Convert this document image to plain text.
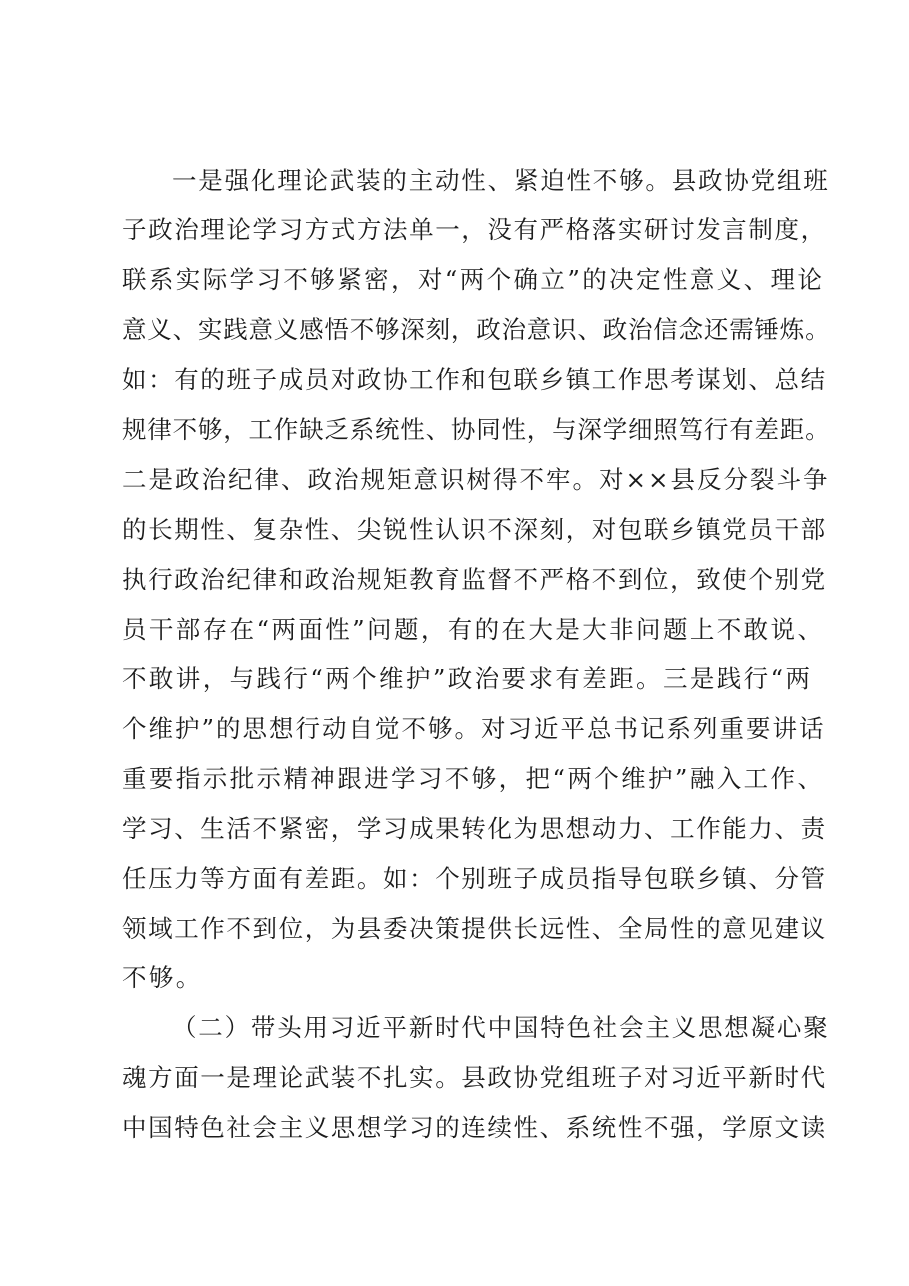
一是强化理论武装的主动性、紧迫性不够。县政协党组班
子政治理论学习方式方法单一，没有严格落实研讨发言制度，
联系实际学习不够紧密，对“两个确立”的决定性意义、理论
意义、实践意义感悟不够深刻，政治意识、政治信念还需锤炼。
如：有的班子成员对政协工作和包联乡镇工作思考谋划、总结
规律不够，工作缺乏系统性、协同性，与深学细照笃行有差距。
二是政治纪律、政治规矩意识树得不牢。对××县反分裂斗争
的长期性、复杂性、尖锐性认识不深刻，对包联乡镇党员干部
执行政治纪律和政治规矩教育监督不严格不到位，致使个别党
员干部存在“两面性”问题，有的在大是大非问题上不敢说、
不敢讲，与践行“两个维护”政治要求有差距。三是践行“两
个维护”的思想行动自觉不够。对习近平总书记系列重要讲话
重要指示批示精神跟进学习不够，把“两个维护”融入工作、
学习、生活不紧密，学习成果转化为思想动力、工作能力、责
任压力等方面有差距。如：个别班子成员指导包联乡镇、分管
领域工作不到位，为县委决策提供长远性、全局性的意见建议
不够。
（二）带头用习近平新时代中国特色社会主义思想凝心聚
魂方面一是理论武装不扎实。县政协党组班子对习近平新时代
中国特色社会主义思想学习的连续性、系统性不强，学原文读
